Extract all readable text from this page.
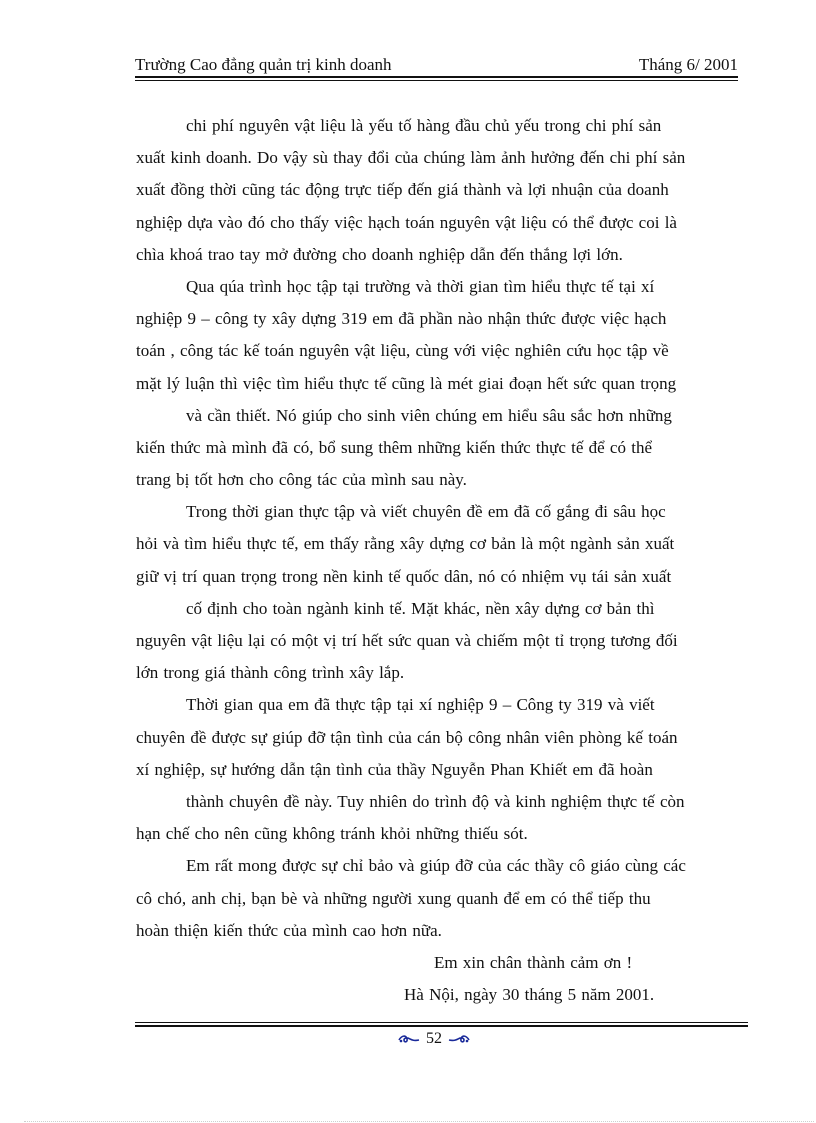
Trường Cao đẳng quản trị kinh doanh	Tháng 6/ 2001
chi phí nguyên vật liệu là yếu tố hàng đầu chủ yếu trong chi phí sản
xuất kinh doanh. Do vậy sù thay đổi của chúng làm ảnh hưởng đến chi phí sản
xuất đồng thời cũng tác động trực tiếp đến giá thành và lợi nhuận của doanh
nghiệp dựa vào đó cho thấy việc hạch toán nguyên vật liệu có thể được coi là
chìa khoá trao tay mở đường cho doanh nghiệp dẫn đến thắng lợi lớn.
Qua qúa trình học tập tại trường và thời gian tìm hiểu thực tế tại xí
nghiệp 9 – công ty xây dựng 319 em đã phần nào nhận thức được việc hạch
toán , công tác kế toán nguyên vật liệu, cùng với việc nghiên cứu học tập về
mặt lý luận thì việc tìm hiểu thực tế cũng là mét giai đoạn hết sức quan trọng
và cần thiết. Nó giúp cho sinh viên chúng em hiểu sâu sắc hơn những
kiến thức mà mình đã có, bổ sung thêm những kiến thức thực tế để có thể
trang bị tốt hơn cho công tác của mình sau này.
Trong thời gian thực tập và viết chuyên đề em đã cố gắng đi sâu học
hỏi và tìm hiểu thực tế, em thấy rằng xây dựng cơ bản là một ngành sản xuất
giữ vị trí quan trọng trong nền kinh tế quốc dân, nó có nhiệm vụ tái sản xuất
cố định cho toàn ngành kinh tế. Mặt khác, nền xây dựng cơ bản thì
nguyên vật liệu lại có một vị trí hết sức quan và chiếm một tỉ trọng tương đối
lớn trong giá thành công trình xây lắp.
Thời gian qua em đã thực tập tại xí nghiệp 9 – Công ty 319 và viết
chuyên đề được sự giúp đỡ tận tình của cán bộ công nhân viên phòng kế toán
xí nghiệp, sự hướng dẫn tận tình của thầy Nguyễn Phan Khiết em đã hoàn
thành chuyên đề này. Tuy nhiên do trình độ và kinh nghiệm thực tế còn
hạn chế cho nên cũng không tránh khỏi những thiếu sót.
Em rất mong được sự chỉ bảo và giúp đỡ của các thầy cô giáo cùng các
cô chó, anh chị, bạn bè và những người xung quanh để em có thể tiếp thu
hoàn thiện kiến thức của mình cao hơn nữa.
Em xin chân thành cảm ơn !
Hà Nội, ngày 30 tháng 5 năm 2001.
52
